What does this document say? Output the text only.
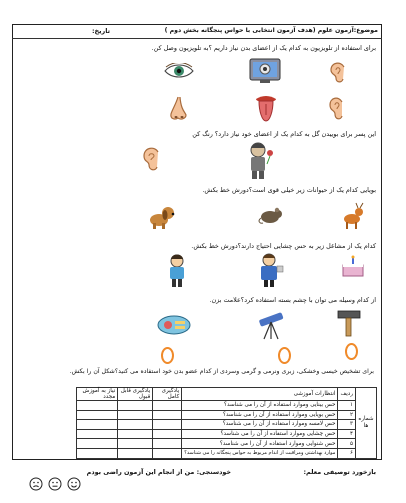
موضوع:آزمون علوم (هدف آزمون انتخابی با حواس پنجگانه بخش دوم )
تاریخ:
برای استفاده از تلویزیون به کدام یک از اعضای بدن نیاز داریم ؟به تلویزیون وصل کن.
این پسر برای بوییدن گل به کدام یک از اعضای خود نیاز دارد؟ رنگ کن
بویایی کدام یک از حیوانات زیر خیلی قوی است؟دورش خط بکش.
کدام یک از مشاغل زیر به حس چشایی احتیاج دارند؟دورش خط بکش.
از کدام وسیله می توان با چشم بسته استفاده کرد؟علامت بزن.
برای تشخیص خیسی وخشکی، زبری ونرمی و گرمی وسردی از کدام عضو بدن خود استفاده می کنید؟شکل آن را بکش.
شماره ها	ردیف	انتظارات آموزشی	یادگیری کامل	یادگیری قابل قبول	نیاز به آموزش مجدد
	۱	حس بینایی وموارد استفاده از آن را می شناسد؟			
	۲	حس بویایی وموارد استفاده از آن را می شناسد؟			
	۳	حس لامسه وموارد استفاده از آن را می شناسد؟			
	۴	حس چشایی وموارد استفاده از آن را می شناسد؟			
	۵	حس شنوایی وموارد استفاده از آن را می شناسد؟			
	۶	موارد بهداشتی ومراقبت از اندام مربوط به حواس پنجگانه را می شناسد؟			
بازخورد توصیفی معلم:
خودسنجی: من از انجام این آزمون راضی بودم
